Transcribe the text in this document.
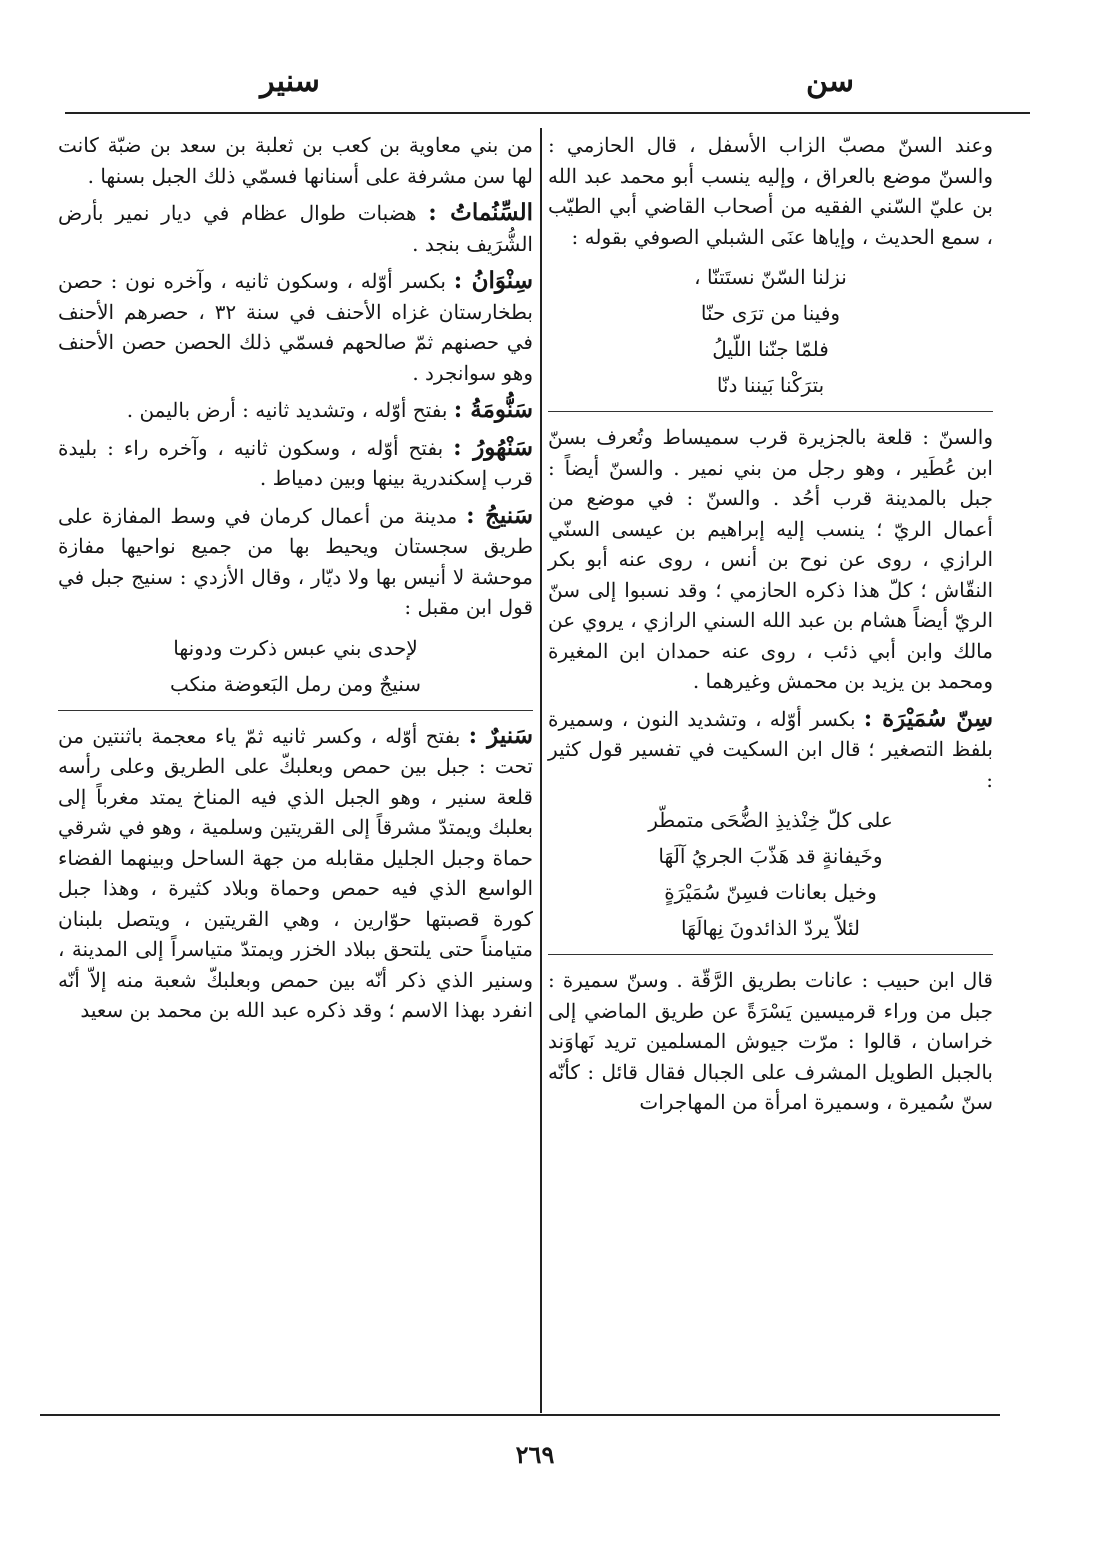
سن
سنير
وعند السنّ مصبّ الزاب الأسفل ، قال الحازمي : والسنّ موضع بالعراق ، وإليه ينسب أبو محمد عبد الله بن عليّ السّني الفقيه من أصحاب القاضي أبي الطيّب ، سمع الحديث ، وإياها عنَى الشبلي الصوفي بقوله :
نزلنا السّنّ نستَتنّا ،
وفينا من ترَى حنّا
فلمّا جنّنا اللّيلُ
بترَكْنا بَيننا دنّا
والسنّ : قلعة بالجزيرة قرب سميساط وتُعرف بسنّ ابن عُطَير ، وهو رجل من بني نمير . والسنّ أيضاً : جبل بالمدينة قرب أحُد . والسنّ : في موضع من أعمال الريّ ؛ ينسب إليه إبراهيم بن عيسى السنّي الرازي ، روى عن نوح بن أنس ، روى عنه أبو بكر النقّاش ؛ كلّ هذا ذكره الحازمي ؛ وقد نسبوا إلى سنّ الريّ أيضاً هشام بن عبد الله السني الرازي ، يروي عن مالك وابن أبي ذئب ، روى عنه حمدان ابن المغيرة ومحمد بن يزيد بن محمش وغيرهما .
سِنّ سُمَيْرَة : بكسر أوّله ، وتشديد النون ، وسميرة بلفظ التصغير ؛ قال ابن السكيت في تفسير قول كثير :
على كلّ خِنْذيذِ الضُّحَى متمطّر
وخَيفانةٍ قد هَذّبَ الجريُ آلَهَا
وخيل بعانات فسِنّ سُمَيْرَةٍ
لئلاّ يردّ الذائدونَ نِهالَهَا
قال ابن حبيب : عانات بطريق الرَّقّة . وسنّ سميرة : جبل من وراء قرميسين يَسْرَةً عن طريق الماضي إلى خراسان ، قالوا : مرّت جيوش المسلمين تريد نَهاوَند بالجبل الطويل المشرف على الجبال فقال قائل : كأنّه سنّ سُميرة ، وسميرة امرأة من المهاجرات
من بني معاوية بن كعب بن ثعلبة بن سعد بن ضبّة كانت لها سن مشرفة على أسنانها فسمّي ذلك الجبل بسنها .
السِّنُماتُ : هضبات طوال عظام في ديار نمير بأرض الشُّرَيف بنجد .
سِنْوَانُ : بكسر أوّله ، وسكون ثانيه ، وآخره نون : حصن بطخارستان غزاه الأحنف في سنة ٣٢ ، حصرهم الأحنف في حصنهم ثمّ صالحهم فسمّي ذلك الحصن حصن الأحنف وهو سوانجرد .
سَنُّومَةُ : بفتح أوّله ، وتشديد ثانيه : أرض باليمن .
سَنْهُورُ : بفتح أوّله ، وسكون ثانيه ، وآخره راء : بليدة قرب إسكندرية بينها وبين دمياط .
سَنيجُ : مدينة من أعمال كرمان في وسط المفازة على طريق سجستان ويحيط بها من جميع نواحيها مفازة موحشة لا أنيس بها ولا ديّار ، وقال الأزدي : سنيج جبل في قول ابن مقبل :
لإحدى بني عبس ذكرت ودونها
سنيجٌ ومن رمل البَعوضة منكب
سَنيرٌ : بفتح أوّله ، وكسر ثانيه ثمّ ياء معجمة باثنتين من تحت : جبل بين حمص وبعلبكّ على الطريق وعلى رأسه قلعة سنير ، وهو الجبل الذي فيه المناخ يمتد مغرباً إلى بعلبك ويمتدّ مشرقاً إلى القريتين وسلمية ، وهو في شرقي حماة وجبل الجليل مقابله من جهة الساحل وبينهما الفضاء الواسع الذي فيه حمص وحماة وبلاد كثيرة ، وهذا جبل كورة قصبتها حوّارين ، وهي القريتين ، ويتصل بلبنان متيامناً حتى يلتحق ببلاد الخزر ويمتدّ متياسراً إلى المدينة ، وسنير الذي ذكر أنّه بين حمص وبعلبكّ شعبة منه إلاّ أنّه انفرد بهذا الاسم ؛ وقد ذكره عبد الله بن محمد بن سعيد
٢٦٩
